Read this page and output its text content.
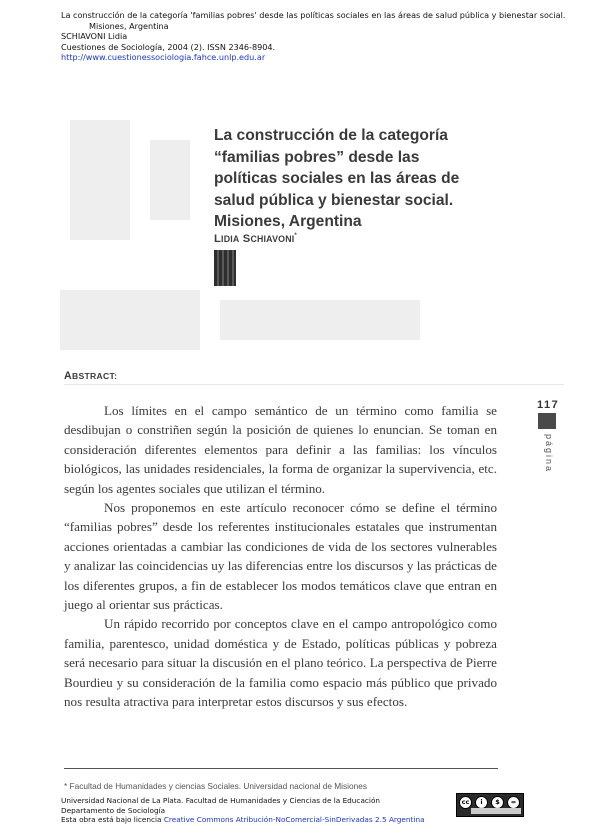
La construcción de la categoría 'familias pobres' desde las políticas sociales en las áreas de salud pública y bienestar social.
Misiones, Argentina
SCHIAVONI Lidia
Cuestiones de Sociología, 2004 (2). ISSN 2346-8904.
http://www.cuestionessociologia.fahce.unlp.edu.ar
La construcción de la categoría
“familias pobres” desde las
políticas sociales en las áreas de
salud pública y bienestar social.
Misiones, Argentina
LIDIA SCHIAVONI*
ABSTRACT:

Los límites en el campo semántico de un término como familia se desdibujan o constriñen según la posición de quienes lo enuncian. Se toman en consideración diferentes elementos para definir a las familias: los vínculos biológicos, las unidades residenciales, la forma de organizar la supervivencia, etc. según los agentes sociales que utilizan el término.

Nos proponemos en este artículo reconocer cómo se define el término “familias pobres” desde los referentes institucionales estatales que instrumentan acciones orientadas a cambiar las condiciones de vida de los sectores vulnerables y analizar las coincidencias uy las diferencias entre los discursos y las prácticas de los diferentes grupos, a fin de establecer los modos temáticos clave que entran en juego al orientar sus prácticas.

Un rápido recorrido por conceptos clave en el campo antropológico como familia, parentesco, unidad doméstica y de Estado, políticas públicas y pobreza será necesario para situar la discusión en el plano teórico. La perspectiva de Pierre Bourdieu y su consideración de la familia como espacio más público que privado nos resulta atractiva para interpretar estos discursos y sus efectos.

117
página
* Facultad de Humanidades y ciencias Sociales. Universidad nacional de Misiones
Universidad Nacional de La Plata. Facultad de Humanidades y Ciencias de la Educación
Departamento de Sociología
Esta obra está bajo licencia Creative Commons Atribución-NoComercial-SinDerivadas 2.5 Argentina
cc	i	$	=
